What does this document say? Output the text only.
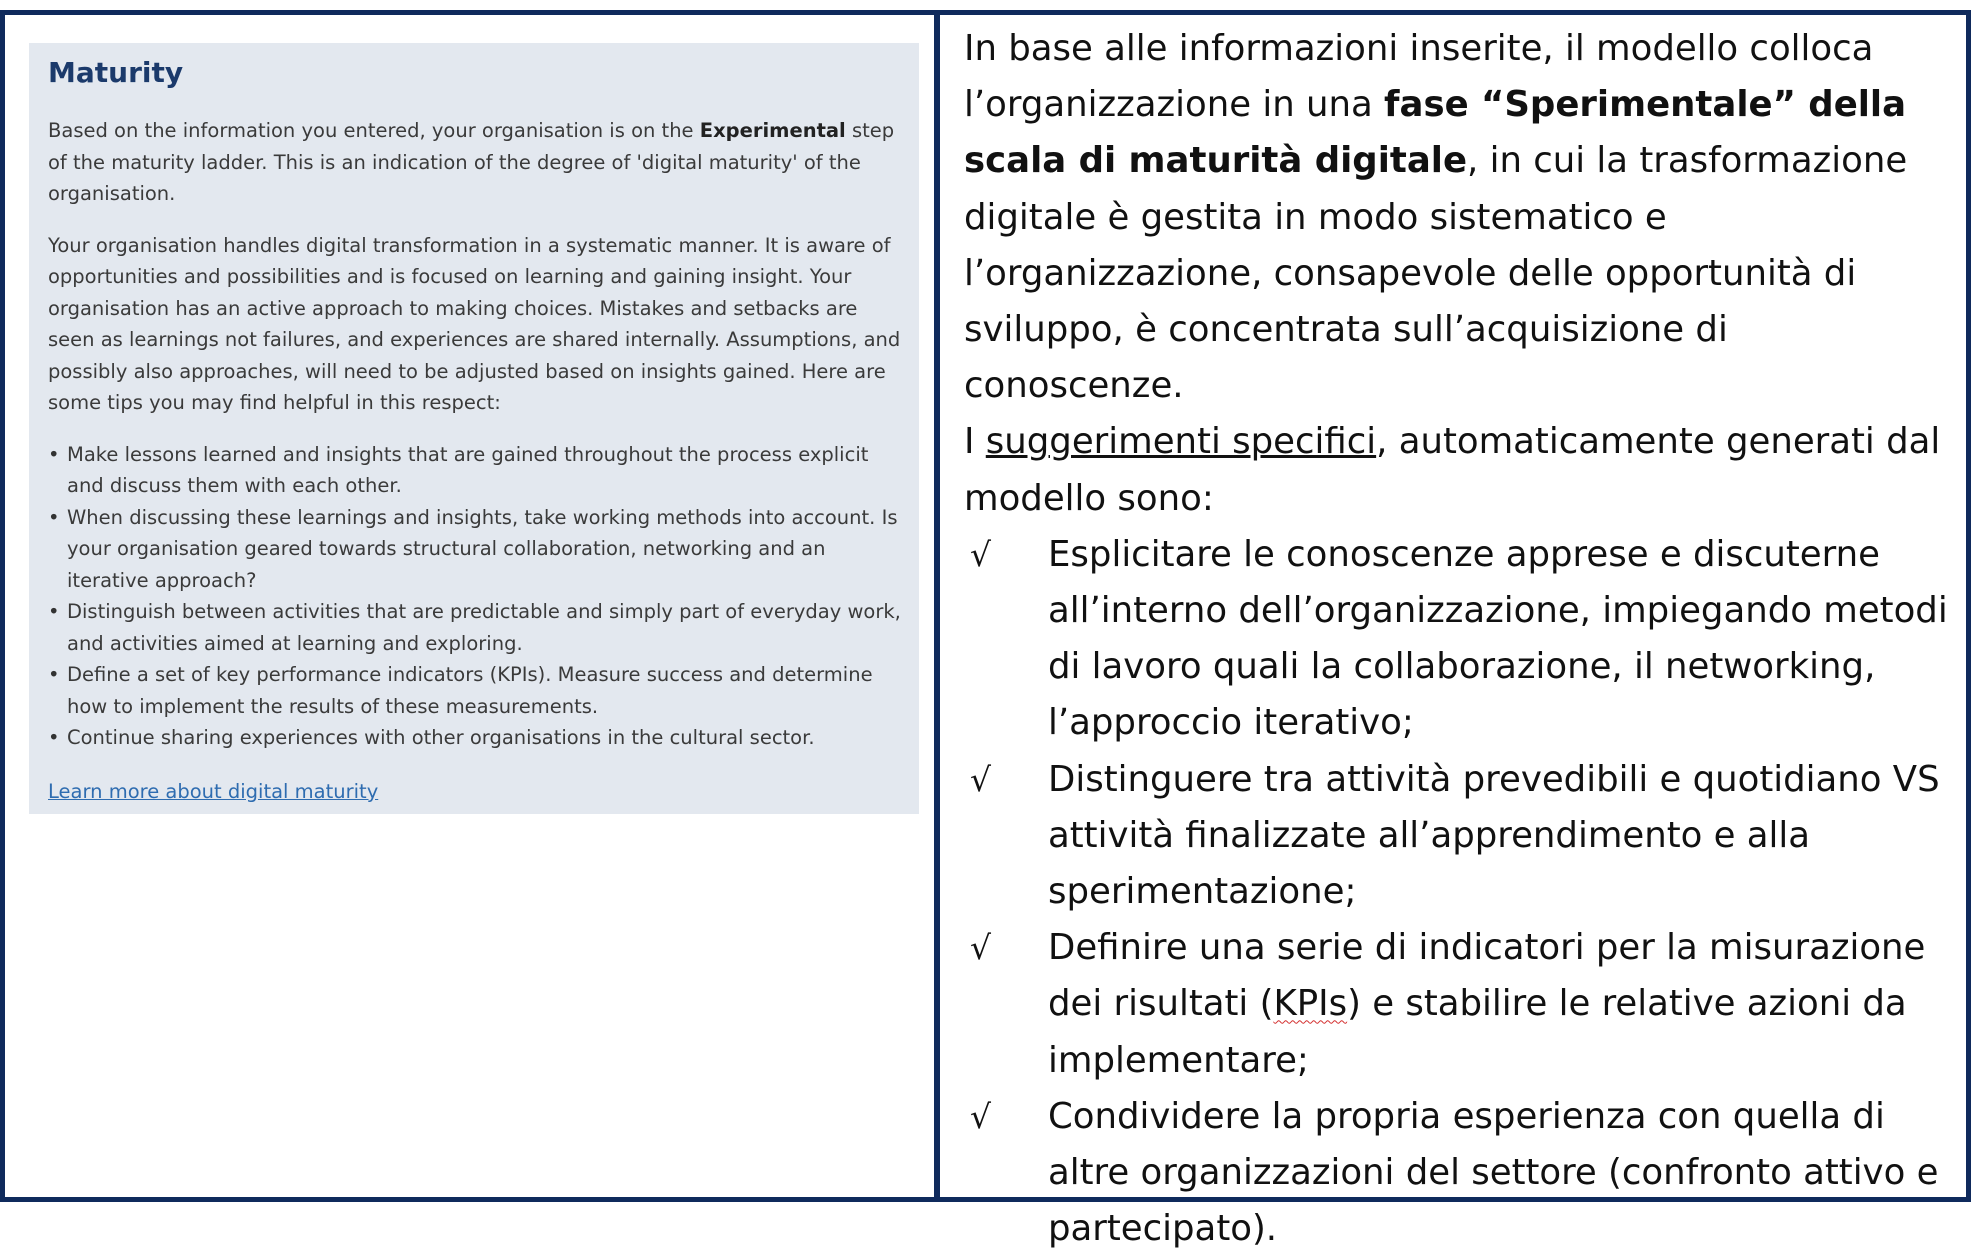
Maturity

Based on the information you entered, your organisation is on the Experimental step of the maturity ladder. This is an indication of the degree of 'digital maturity' of the organisation.

Your organisation handles digital transformation in a systematic manner. It is aware of opportunities and possibilities and is focused on learning and gaining insight. Your organisation has an active approach to making choices. Mistakes and setbacks are seen as learnings not failures, and experiences are shared internally. Assumptions, and possibly also approaches, will need to be adjusted based on insights gained. Here are some tips you may find helpful in this respect:

• Make lessons learned and insights that are gained throughout the process explicit and discuss them with each other.
• When discussing these learnings and insights, take working methods into account. Is your organisation geared towards structural collaboration, networking and an iterative approach?
• Distinguish between activities that are predictable and simply part of everyday work, and activities aimed at learning and exploring.
• Define a set of key performance indicators (KPIs). Measure success and determine how to implement the results of these measurements.
• Continue sharing experiences with other organisations in the cultural sector.
Learn more about digital maturity

In base alle informazioni inserite, il modello colloca l’organizzazione in una fase “Sperimentale” della scala di maturità digitale, in cui la trasformazione digitale è gestita in modo sistematico e l’organizzazione, consapevole delle opportunità di sviluppo, è concentrata sull’acquisizione di conoscenze.

I suggerimenti specifici, automaticamente generati dal modello sono:

√ Esplicitare le conoscenze apprese e discuterne all’interno dell’organizzazione, impiegando metodi di lavoro quali la collaborazione, il networking, l’approccio iterativo;
√ Distinguere tra attività prevedibili e quotidiano VS attività finalizzate all’apprendimento e alla sperimentazione;
√ Definire una serie di indicatori per la misurazione dei risultati (KPIs) e stabilire le relative azioni da implementare;
√ Condividere la propria esperienza con quella di altre organizzazioni del settore (confronto attivo e partecipato).
